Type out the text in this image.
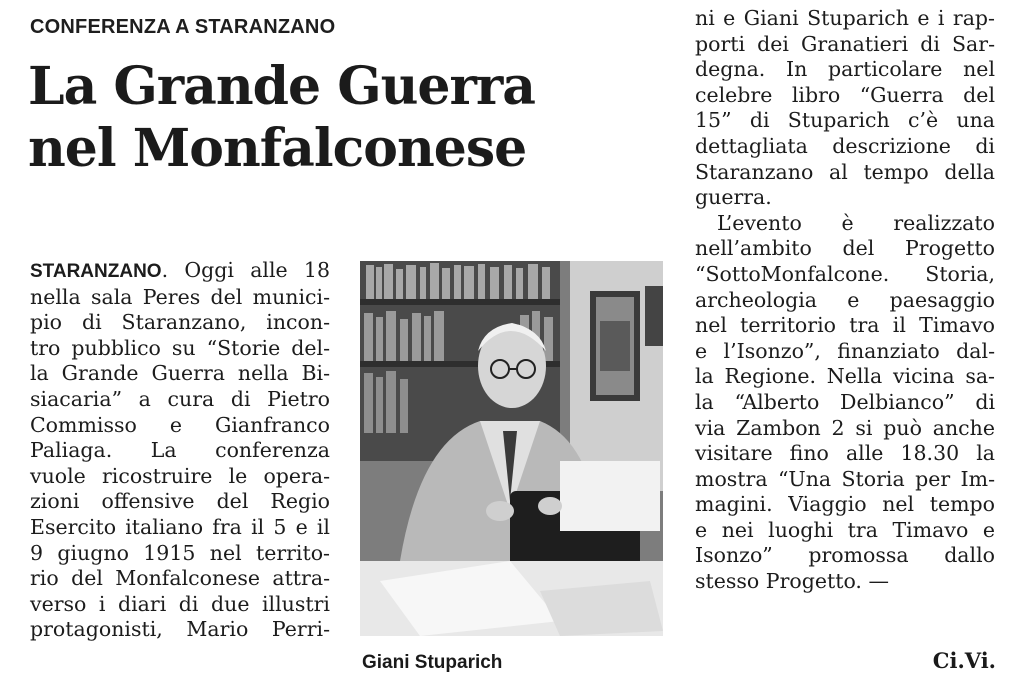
CONFERENZA A STARANZANO
La Grande Guerra
nel Monfalconese
STARANZANO. Oggi alle 18
nella sala Peres del munici-
pio di Staranzano, incon-
tro pubblico su “Storie del-
la Grande Guerra nella Bi-
siacaria” a cura di Pietro
Commisso e Gianfranco
Paliaga. La conferenza
vuole ricostruire le opera-
zioni offensive del Regio
Esercito italiano fra il 5 e il
9 giugno 1915 nel territo-
rio del Monfalconese attra-
verso i diari di due illustri
protagonisti, Mario Perri-
Giani Stuparich
ni e Giani Stuparich e i rap-
porti dei Granatieri di Sar-
degna. In particolare nel
celebre libro “Guerra del
15” di Stuparich c’è una
dettagliata descrizione di
Staranzano al tempo della
guerra.
L’evento è realizzato
nell’ambito del Progetto
“SottoMonfalcone. Storia,
archeologia e paesaggio
nel territorio tra il Timavo
e l’Isonzo”, finanziato dal-
la Regione. Nella vicina sa-
la “Alberto Delbianco” di
via Zambon 2 si può anche
visitare fino alle 18.30 la
mostra “Una Storia per Im-
magini. Viaggio nel tempo
e nei luoghi tra Timavo e
Isonzo” promossa dallo
stesso Progetto. —
Ci.Vi.
